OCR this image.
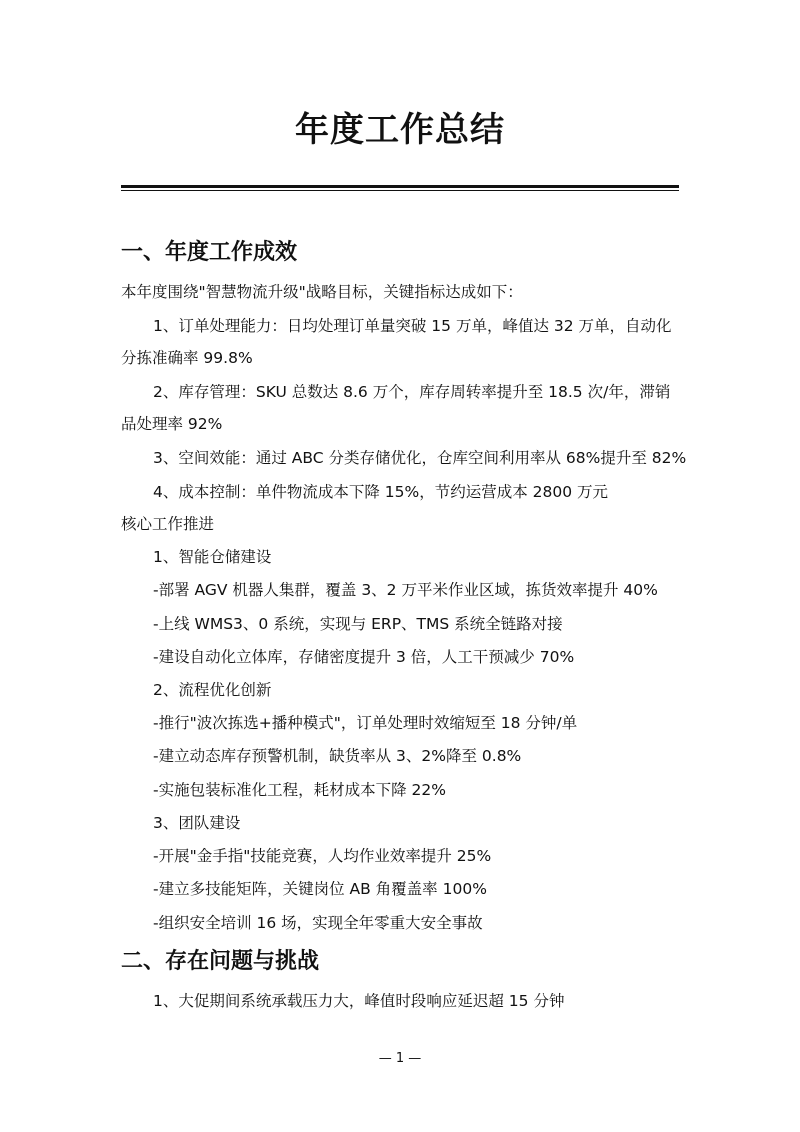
年度工作总结
一、年度工作成效
本年度围绕"智慧物流升级"战略目标，关键指标达成如下：
1、订单处理能力：日均处理订单量突破 15 万单，峰值达 32 万单，自动化
分拣准确率 99.8%
2、库存管理：SKU 总数达 8.6 万个，库存周转率提升至 18.5 次/年，滞销
品处理率 92%
3、空间效能：通过 ABC 分类存储优化，仓库空间利用率从 68%提升至 82%
4、成本控制：单件物流成本下降 15%，节约运营成本 2800 万元
核心工作推进
1、智能仓储建设
-部署 AGV 机器人集群，覆盖 3、2 万平米作业区域，拣货效率提升 40%
-上线 WMS3、0 系统，实现与 ERP、TMS 系统全链路对接
-建设自动化立体库，存储密度提升 3 倍，人工干预减少 70%
2、流程优化创新
-推行"波次拣选+播种模式"，订单处理时效缩短至 18 分钟/单
-建立动态库存预警机制，缺货率从 3、2%降至 0.8%
-实施包装标准化工程，耗材成本下降 22%
3、团队建设
-开展"金手指"技能竞赛，人均作业效率提升 25%
-建立多技能矩阵，关键岗位 AB 角覆盖率 100%
-组织安全培训 16 场，实现全年零重大安全事故
二、存在问题与挑战
1、大促期间系统承载压力大，峰值时段响应延迟超 15 分钟
— 1 —
